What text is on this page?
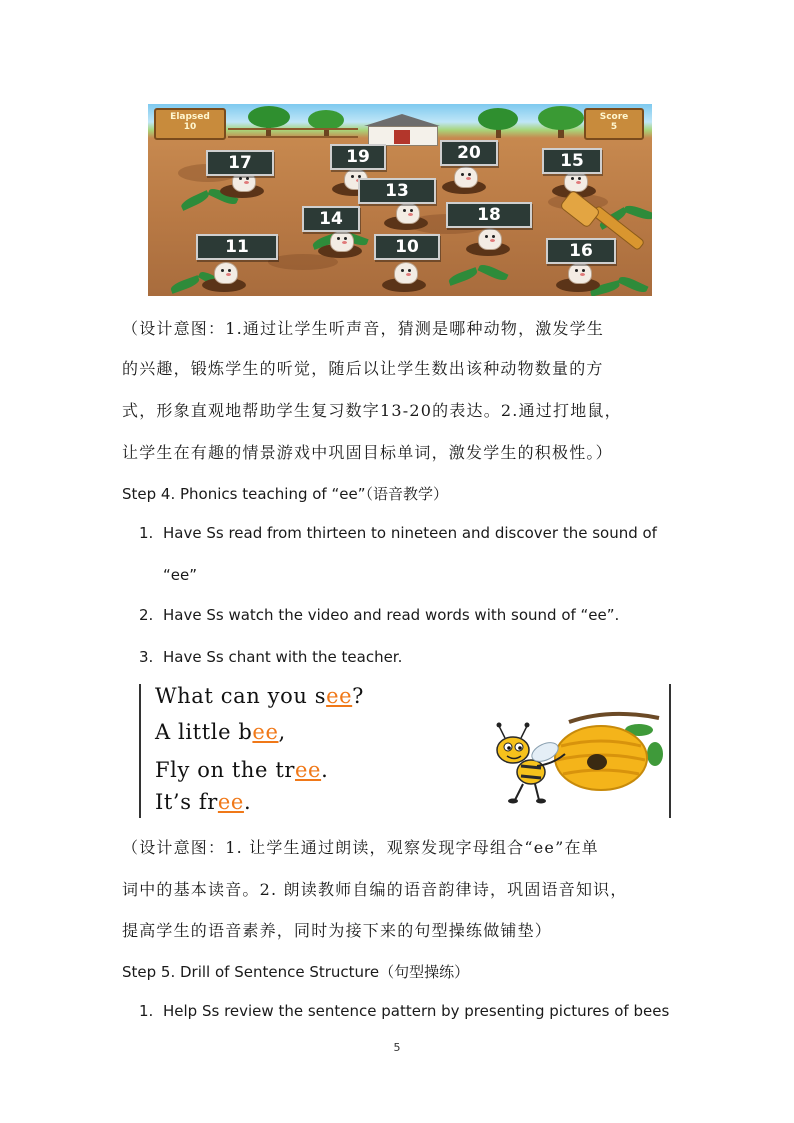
Elapsed
10
Score
5
17	19	20	15
13
14	18
11	10	16
（设计意图：1.通过让学生听声音，猜测是哪种动物，激发学生
的兴趣，锻炼学生的听觉，随后以让学生数出该种动物数量的方
式，形象直观地帮助学生复习数字13-20的表达。2.通过打地鼠，
让学生在有趣的情景游戏中巩固目标单词，激发学生的积极性。）
Step 4. Phonics teaching of “ee”（语音教学）
1. Have Ss read from thirteen to nineteen and discover the sound of
“ee”
2. Have Ss watch the video and read words with sound of “ee”.
3. Have Ss chant with the teacher.
What can you see?
A little bee,
Fly on the tree.
It’s free.
（设计意图：1. 让学生通过朗读，观察发现字母组合“ee”在单
词中的基本读音。2. 朗读教师自编的语音韵律诗，巩固语音知识，
提高学生的语音素养，同时为接下来的句型操练做铺垫）
Step 5. Drill of Sentence Structure（句型操练）
1. Help Ss review the sentence pattern by presenting pictures of bees
5
